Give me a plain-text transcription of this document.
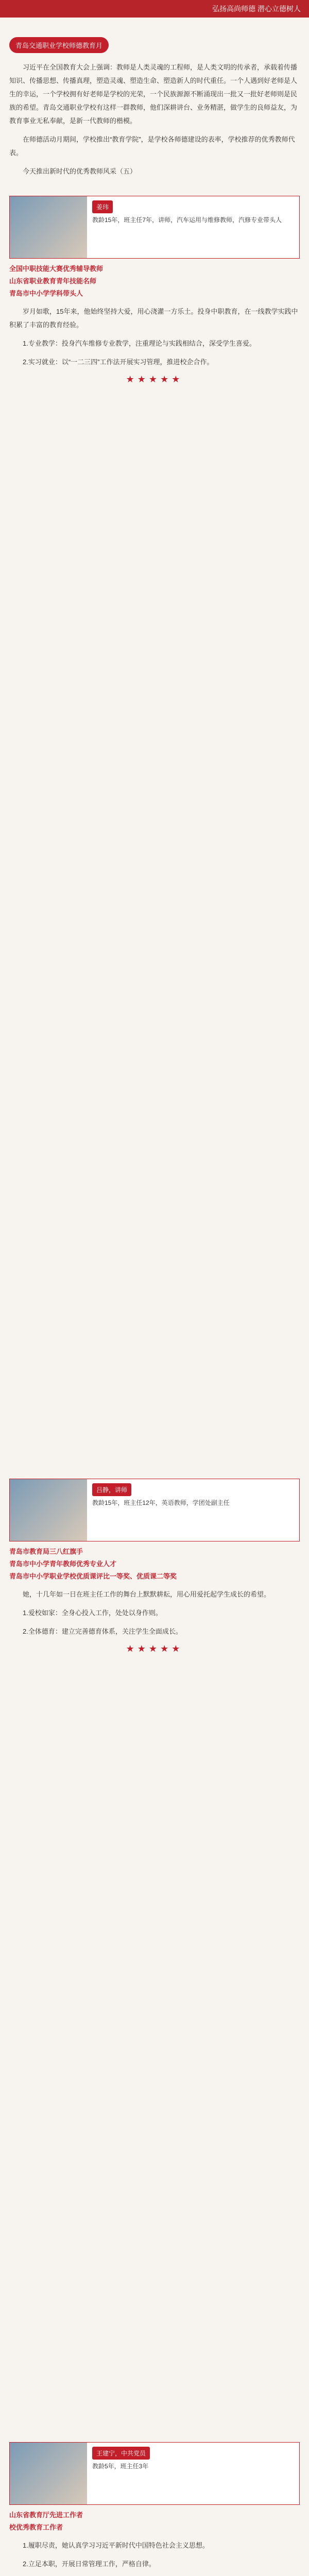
弘扬高尚师德 潜心立德树人
青岛交通职业学校师德教育月

习近平在全国教育大会上强调：教师是人类灵魂的工程师，是人类文明的传承者，承载着传播知识、传播思想、传播真理，塑造灵魂、塑造生命、塑造新人的时代重任。一个人遇到好老师是人生的幸运，一个学校拥有好老师是学校的光荣，一个民族源源不断涌现出一批又一批好老师则是民族的希望。青岛交通职业学校有这样一群教师，他们深耕讲台、业务精湛，做学生的良师益友，为教育事业无私奉献，是新一代教师的楷模。

在师德活动月期间，学校推出“教育学院”，是学校各师德建设的表率，学校推荐的优秀教师代表。

今天推出新时代的优秀教师风采（五）

姜玮
教龄15年，班主任7年，讲师，汽车运用与维修教师，汽修专业带头人
全国中职技能大赛优秀辅导教师
山东省职业教育青年技能名师
青岛市中小学学科带头人

岁月如歌，15年来，他始终坚持大爱，用心浇灌一方乐土。投身中职教育，在一线教学实践中积累了丰富的教育经验。

1.专业教学：投身汽车维修专业教学，注重理论与实践相结合，深受学生喜爱。

2.实习就业：以“一二三四”工作法开展实习管理，推进校企合作。

★★★★★
吕静，讲师
教龄15年，班主任12年，英语教师，学团处副主任
青岛市教育局三八红旗手
青岛市中小学青年教师优秀专业人才
青岛市中小学职业学校优质课评比一等奖、优质课二等奖

她，十几年如一日在班主任工作的舞台上默默耕耘，用心用爱托起学生成长的希望。

1.爱校如家：全身心投入工作，处处以身作则。

2.全体德育：建立完善德育体系，关注学生全面成长。

★★★★★
王建宁，中共党员
教龄5年，班主任3年
山东省教育厅先进工作者
校优秀教育工作者

1.履职尽责，她认真学习习近平新时代中国特色社会主义思想。

2.立足本职，开展日常管理工作，严格自律。
